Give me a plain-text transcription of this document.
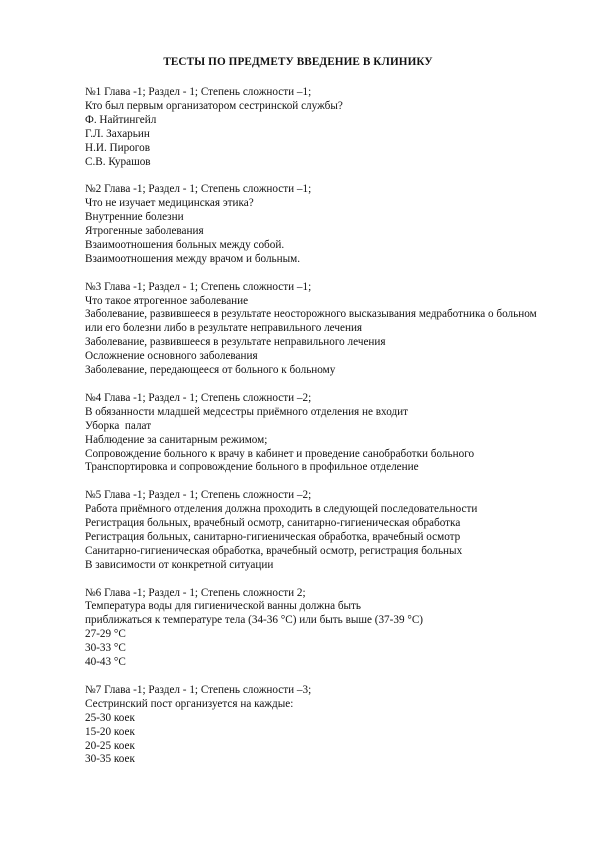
ТЕСТЫ ПО ПРЕДМЕТУ ВВЕДЕНИЕ В КЛИНИКУ
№1 Глава -1; Раздел - 1; Степень сложности –1;
Кто был первым организатором сестринской службы?
Ф. Найтингейл
Г.Л. Захарьин
Н.И. Пирогов
С.В. Курашов
№2 Глава -1; Раздел - 1; Степень сложности –1;
Что не изучает медицинская этика?
Внутренние болезни
Ятрогенные заболевания
Взаимоотношения больных между собой.
Взаимоотношения между врачом и больным.
№3 Глава -1; Раздел - 1; Степень сложности –1;
Что такое ятрогенное заболевание
Заболевание, развившееся в результате неосторожного высказывания медработника о больном
или его болезни либо в результате неправильного лечения
Заболевание, развившееся в результате неправильного лечения
Осложнение основного заболевания
Заболевание, передающееся от больного к больному
№4 Глава -1; Раздел - 1; Степень сложности –2;
В обязанности младшей медсестры приёмного отделения не входит
Уборка  палат
Наблюдение за санитарным режимом;
Сопровождение больного к врачу в кабинет и проведение санобработки больного
Транспортировка и сопровождение больного в профильное отделение
№5 Глава -1; Раздел - 1; Степень сложности –2;
Работа приёмного отделения должна проходить в следующей последовательности
Регистрация больных, врачебный осмотр, санитарно-гигиеническая обработка
Регистрация больных, санитарно-гигиеническая обработка, врачебный осмотр
Санитарно-гигиеническая обработка, врачебный осмотр, регистрация больных
В зависимости от конкретной ситуации
№6 Глава -1; Раздел - 1; Степень сложности 2;
Температура воды для гигиенической ванны должна быть
приближаться к температуре тела (34-36 °C) или быть выше (37-39 °C)
27-29 °C
30-33 °C
40-43 °C
№7 Глава -1; Раздел - 1; Степень сложности –3;
Сестринский пост организуется на каждые:
25-30 коек
15-20 коек
20-25 коек
30-35 коек
